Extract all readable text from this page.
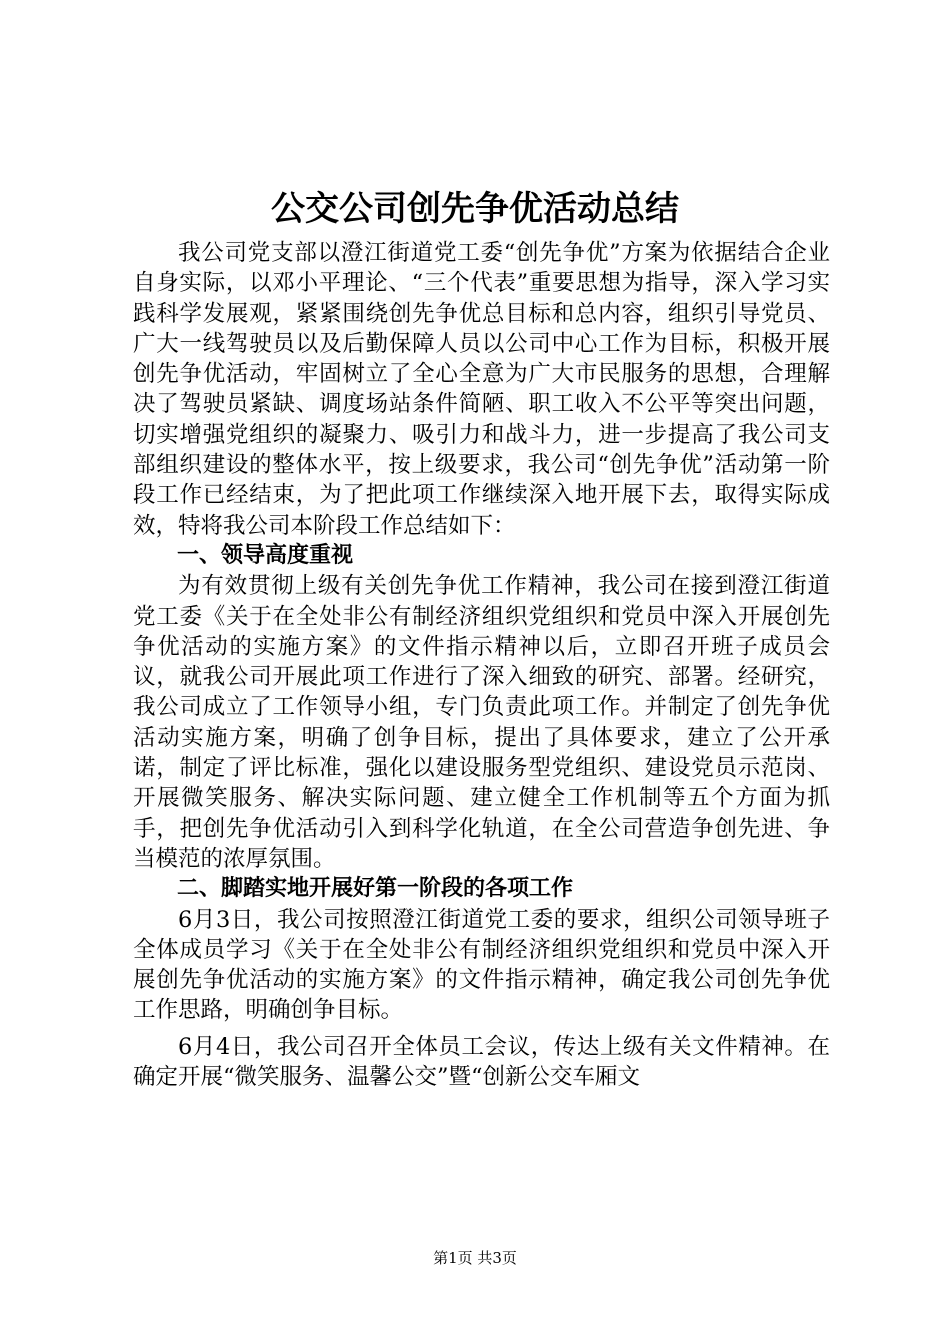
公交公司创先争优活动总结

我公司党支部以澄江街道党工委“创先争优”方案为依据结合企业自身实际，以邓小平理论、“三个代表”重要思想为指导，深入学习实践科学发展观，紧紧围绕创先争优总目标和总内容，组织引导党员、广大一线驾驶员以及后勤保障人员以公司中心工作为目标，积极开展创先争优活动，牢固树立了全心全意为广大市民服务的思想，合理解决了驾驶员紧缺、调度场站条件简陋、职工收入不公平等突出问题，切实增强党组织的凝聚力、吸引力和战斗力，进一步提高了我公司支部组织建设的整体水平，按上级要求，我公司“创先争优”活动第一阶段工作已经结束，为了把此项工作继续深入地开展下去，取得实际成效，特将我公司本阶段工作总结如下：

一、领导高度重视

为有效贯彻上级有关创先争优工作精神，我公司在接到澄江街道党工委《关于在全处非公有制经济组织党组织和党员中深入开展创先争优活动的实施方案》的文件指示精神以后，立即召开班子成员会议，就我公司开展此项工作进行了深入细致的研究、部署。经研究，我公司成立了工作领导小组，专门负责此项工作。并制定了创先争优活动实施方案，明确了创争目标，提出了具体要求，建立了公开承诺，制定了评比标准，强化以建设服务型党组织、建设党员示范岗、开展微笑服务、解决实际问题、建立健全工作机制等五个方面为抓手，把创先争优活动引入到科学化轨道，在全公司营造争创先进、争当模范的浓厚氛围。

二、脚踏实地开展好第一阶段的各项工作

6月3日，我公司按照澄江街道党工委的要求，组织公司领导班子全体成员学习《关于在全处非公有制经济组织党组织和党员中深入开展创先争优活动的实施方案》的文件指示精神，确定我公司创先争优工作思路，明确创争目标。

6月4日，我公司召开全体员工会议，传达上级有关文件精神。在确定开展“微笑服务、温馨公交”暨“创新公交车厢文

第1页 共3页
